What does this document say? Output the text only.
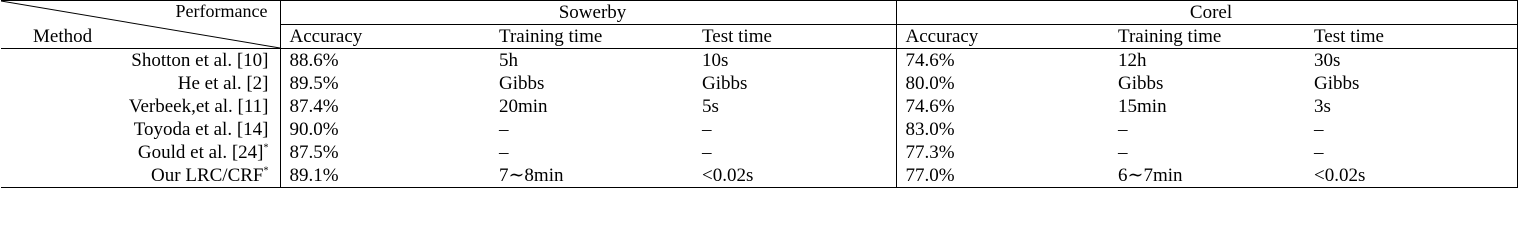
Performance
Method	Sowerby			Corel		
	Accuracy	Training time	Test time	Accuracy	Training time	Test time
Shotton et al. [10]	88.6%	5h	10s	74.6%	12h	30s
He et al. [2]	89.5%	Gibbs	Gibbs	80.0%	Gibbs	Gibbs
Verbeek,et al. [11]	87.4%	20min	5s	74.6%	15min	3s
Toyoda et al. [14]	90.0%	–	–	83.0%	–	–
Gould et al. [24]*	87.5%	–	–	77.3%	–	–
Our LRC/CRF*	89.1%	7∼8min	<0.02s	77.0%	6∼7min	<0.02s
